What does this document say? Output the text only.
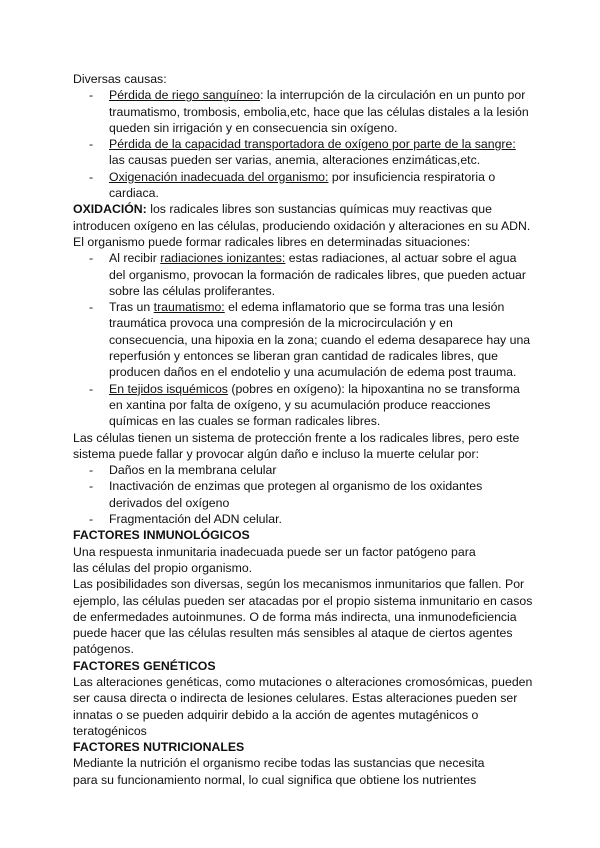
Diversas causas:

- Pérdida de riego sanguíneo: la interrupción de la circulación en un punto por traumatismo, trombosis, embolia,etc, hace que las células distales a la lesión queden sin irrigación y en consecuencia sin oxígeno.
- Pérdida de la capacidad transportadora de oxígeno por parte de la sangre: las causas pueden ser varias, anemia, alteraciones enzimáticas,etc.
- Oxigenación inadecuada del organismo: por insuficiencia respiratoria o cardiaca.

OXIDACIÓN: los radicales libres son sustancias químicas muy reactivas que introducen oxígeno en las células, produciendo oxidación y alteraciones en su ADN. El organismo puede formar radicales libres en determinadas situaciones:

- Al recibir radiaciones ionizantes: estas radiaciones, al actuar sobre el agua del organismo, provocan la formación de radicales libres, que pueden actuar sobre las células proliferantes.
- Tras un traumatismo: el edema inflamatorio que se forma tras una lesión traumática provoca una compresión de la microcirculación y en consecuencia, una hipoxia en la zona; cuando el edema desaparece hay una reperfusión y entonces se liberan gran cantidad de radicales libres, que producen daños en el endotelio y una acumulación de edema post trauma.
- En tejidos isquémicos (pobres en oxígeno): la hipoxantina no se transforma en xantina por falta de oxígeno, y su acumulación produce reacciones químicas en las cuales se forman radicales libres.

Las células tienen un sistema de protección frente a los radicales libres, pero este sistema puede fallar y provocar algún daño e incluso la muerte celular por:

- Daños en la membrana celular
- Inactivación de enzimas que protegen al organismo de los oxidantes derivados del oxígeno
- Fragmentación del ADN celular.

FACTORES INMUNOLÓGICOS

Una respuesta inmunitaria inadecuada puede ser un factor patógeno para las células del propio organismo.

Las posibilidades son diversas, según los mecanismos inmunitarios que fallen. Por ejemplo, las células pueden ser atacadas por el propio sistema inmunitario en casos de enfermedades autoinmunes. O de forma más indirecta, una inmunodeficiencia puede hacer que las células resulten más sensibles al ataque de ciertos agentes patógenos.

FACTORES GENÉTICOS

Las alteraciones genéticas, como mutaciones o alteraciones cromosómicas, pueden ser causa directa o indirecta de lesiones celulares. Estas alteraciones pueden ser innatas o se pueden adquirir debido a la acción de agentes mutagénicos o teratogénicos

FACTORES NUTRICIONALES

Mediante la nutrición el organismo recibe todas las sustancias que necesita para su funcionamiento normal, lo cual significa que obtiene los nutrientes
